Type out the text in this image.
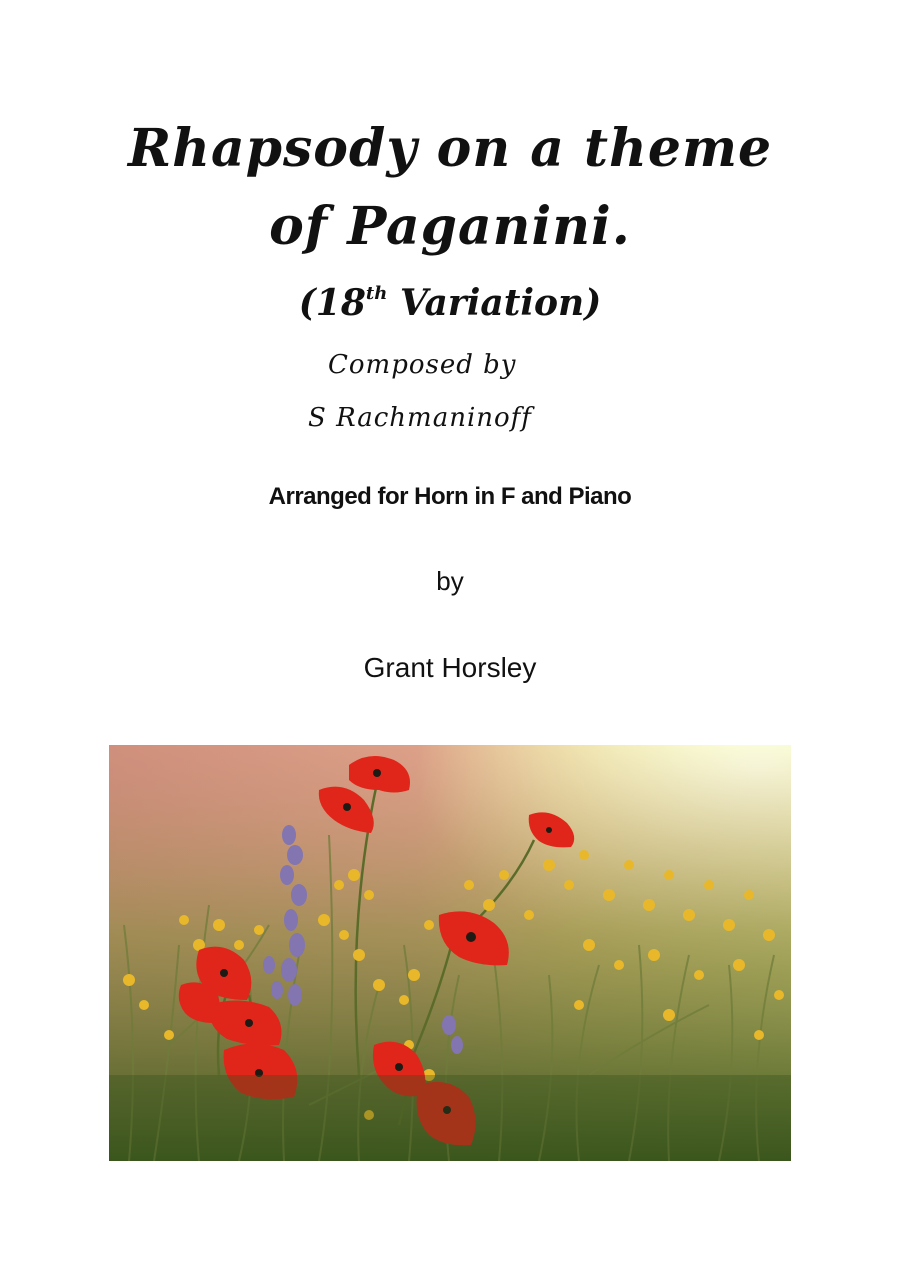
Rhapsody on a theme
of Paganini.
(18th Variation)
Composed by
S Rachmaninoff
Arranged for Horn in F and Piano
by
Grant Horsley
